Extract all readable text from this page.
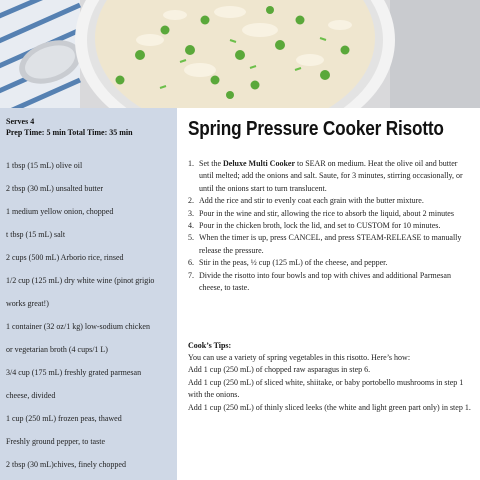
Serves 4
Prep Time: 5 min Total Time: 35 min
1 tbsp (15 mL) olive oil
2 tbsp (30 mL) unsalted butter
1 medium yellow onion, chopped
t tbsp (15 mL) salt
2 cups (500 mL) Arborio rice, rinsed
1/2 cup (125 mL) dry white wine (pinot grigio
works great!)
1 container (32 oz/1 kg) low-sodium chicken
or vegetarian broth (4 cups/1 L)
3/4 cup (175 mL) freshly grated parmesan
cheese, divided
1 cup (250 mL) frozen peas, thawed
Freshly ground pepper, to taste
2 tbsp (30 mL)chives, finely chopped
Spring Pressure Cooker Risotto
1. Set the Deluxe Multi Cooker to SEAR on medium. Heat the olive oil and butter until melted; add the onions and salt. Saute, for 3 minutes, stirring occasionally, or until the onions start to turn translucent.
2. Add the rice and stir to evenly coat each grain with the butter mixture.
3. Pour in the wine and stir, allowing the rice to absorb the liquid, about 2 minutes
4. Pour in the chicken broth, lock the lid, and set to CUSTOM for 10 minutes.
5. When the timer is up, press CANCEL, and press STEAM-RELEASE to manually release the pressure.
6. Stir in the peas, ½ cup (125 mL) of the cheese, and pepper.
7. Divide the risotto into four bowls and top with chives and additional Parmesan cheese, to taste.
Cook’s Tips:

You can use a variety of spring vegetables in this risotto. Here’s how:

Add 1 cup (250 mL) of chopped raw asparagus in step 6.

Add 1 cup (250 mL) of sliced white, shiitake, or baby portobello mushrooms in step 1 with the onions.

Add 1 cup (250 mL) of thinly sliced leeks (the white and light green part only) in step 1.
